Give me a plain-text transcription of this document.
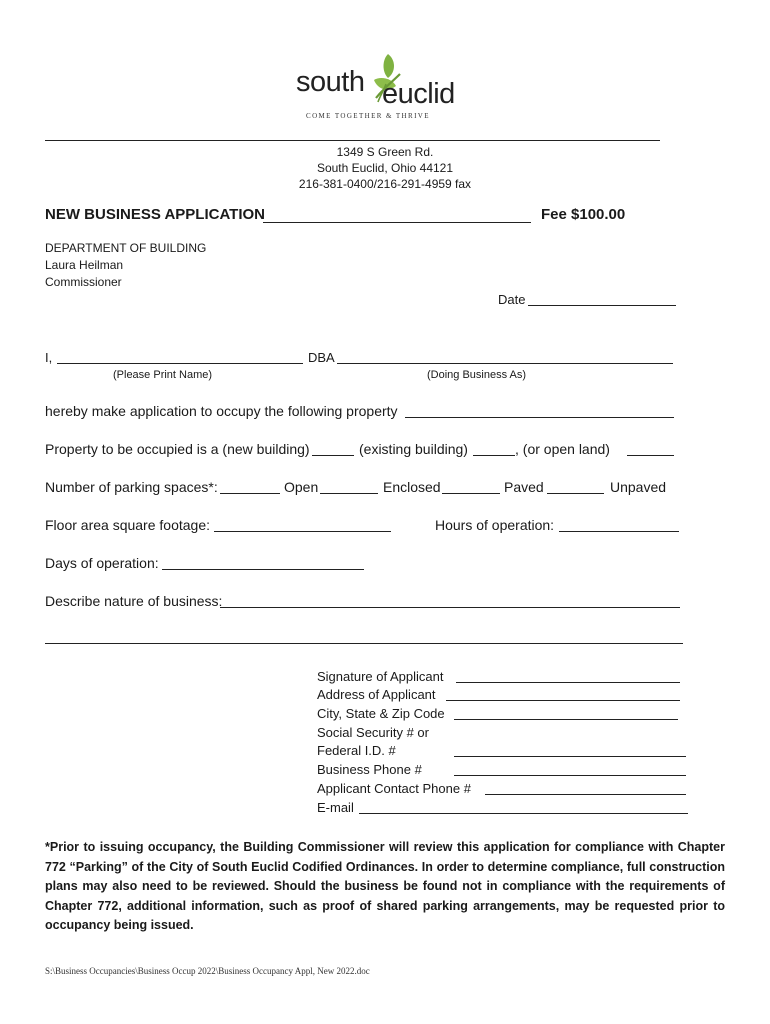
south euclid
COME TOGETHER & THRIVE
1349 S Green Rd.
South Euclid, Ohio 44121
216-381-0400/216-291-4959 fax
NEW BUSINESS APPLICATION	Fee $100.00
DEPARTMENT OF BUILDING
Laura Heilman
Commissioner
Date
I,	DBA
(Please Print Name)	(Doing Business As)
hereby make application to occupy the following property
Property to be occupied is a (new building)	(existing building)	, (or open land)
Number of parking spaces*:	Open	Enclosed	Paved	Unpaved
Floor area square footage:	Hours of operation:
Days of operation:
Describe nature of business:
Signature of Applicant
Address of Applicant
City, State & Zip Code
Social Security # or
Federal I.D. #
Business Phone #
Applicant Contact Phone #
E-mail
*Prior to issuing occupancy, the Building Commissioner will review this application for compliance with Chapter 772 “Parking” of the City of South Euclid Codified Ordinances. In order to determine compliance, full construction plans may also need to be reviewed. Should the business be found not in compliance with the requirements of Chapter 772, additional information, such as proof of shared parking arrangements, may be requested prior to occupancy being issued.
S:\Business Occupancies\Business Occup 2022\Business Occupancy Appl, New 2022.doc
